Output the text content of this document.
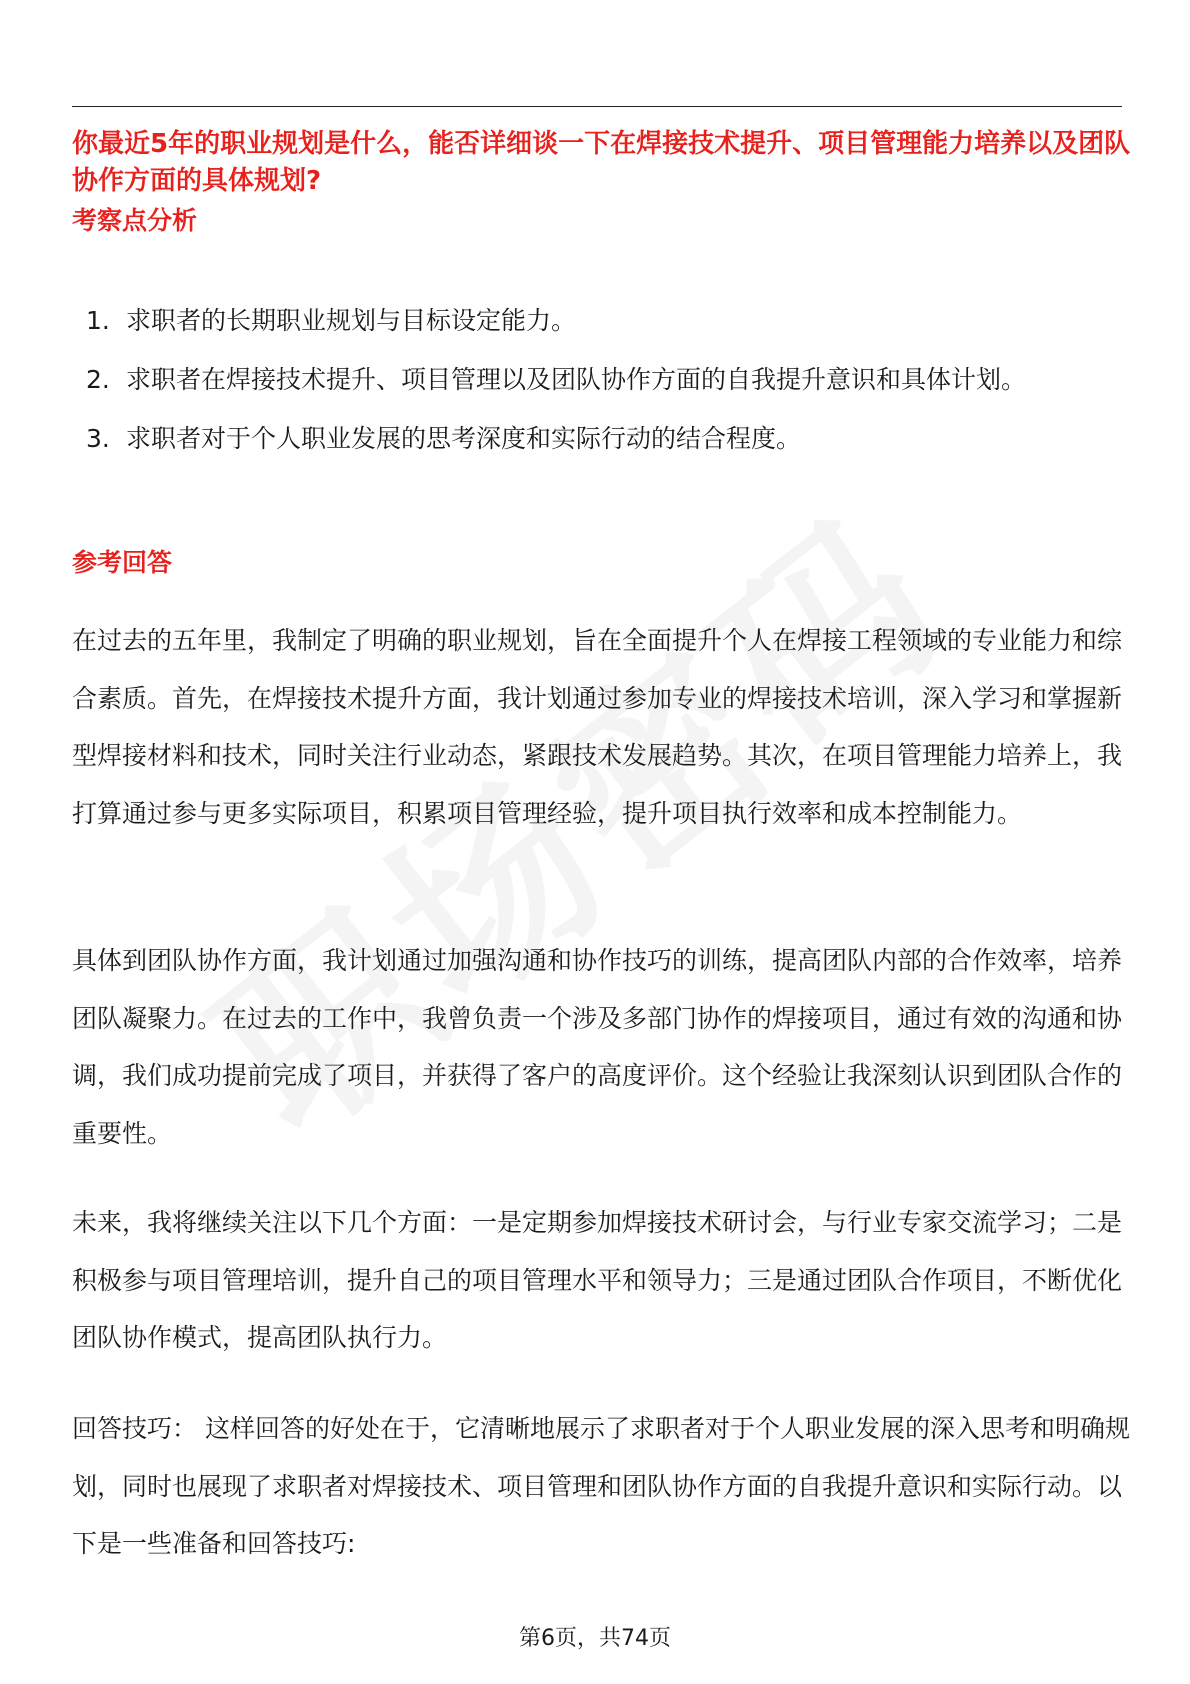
你最近5年的职业规划是什么，能否详细谈一下在焊接技术提升、项目管理能力培养以及团队协作方面的具体规划?
考察点分析
1. 求职者的长期职业规划与目标设定能力。
2. 求职者在焊接技术提升、项目管理以及团队协作方面的自我提升意识和具体计划。
3. 求职者对于个人职业发展的思考深度和实际行动的结合程度。
参考回答

在过去的五年里，我制定了明确的职业规划，旨在全面提升个人在焊接工程领域的专业能力和综合素质。首先，在焊接技术提升方面，我计划通过参加专业的焊接技术培训，深入学习和掌握新型焊接材料和技术，同时关注行业动态，紧跟技术发展趋势。其次，在项目管理能力培养上，我打算通过参与更多实际项目，积累项目管理经验，提升项目执行效率和成本控制能力。

具体到团队协作方面，我计划通过加强沟通和协作技巧的训练，提高团队内部的合作效率，培养团队凝聚力。在过去的工作中，我曾负责一个涉及多部门协作的焊接项目，通过有效的沟通和协调，我们成功提前完成了项目，并获得了客户的高度评价。这个经验让我深刻认识到团队合作的重要性。

未来，我将继续关注以下几个方面：一是定期参加焊接技术研讨会，与行业专家交流学习；二是积极参与项目管理培训，提升自己的项目管理水平和领导力；三是通过团队合作项目，不断优化团队协作模式，提高团队执行力。

回答技巧： 这样回答的好处在于，它清晰地展示了求职者对于个人职业发展的深入思考和明确规划，同时也展现了求职者对焊接技术、项目管理和团队协作方面的自我提升意识和实际行动。以下是一些准备和回答技巧:

第6页，共74页
